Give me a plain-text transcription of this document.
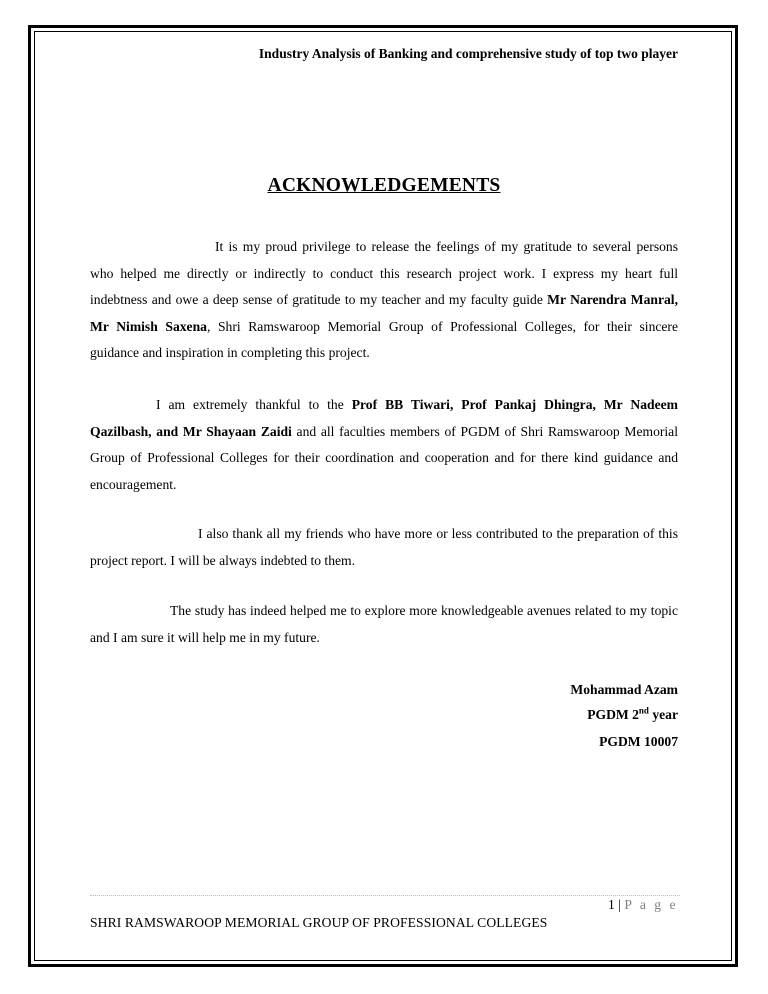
Industry Analysis of Banking and comprehensive study of top two player
ACKNOWLEDGEMENTS

It is my proud privilege to release the feelings of my gratitude to several persons who helped me directly or indirectly to conduct this research project work. I express my heart full indebtness and owe a deep sense of gratitude to my teacher and my faculty guide Mr Narendra Manral, Mr Nimish Saxena, Shri Ramswaroop Memorial Group of Professional Colleges, for their sincere guidance and inspiration in completing this project.

I am extremely thankful to the Prof BB Tiwari, Prof Pankaj Dhingra, Mr Nadeem Qazilbash, and Mr Shayaan Zaidi and all faculties members of PGDM of Shri Ramswaroop Memorial Group of Professional Colleges for their coordination and cooperation and for there kind guidance and encouragement.

I also thank all my friends who have more or less contributed to the preparation of this project report. I will be always indebted to them.

The study has indeed helped me to explore more knowledgeable avenues related to my topic and I am sure it will help me in my future.

Mohammad Azam
PGDM 2nd year
PGDM 10007
1 | P a g e
SHRI RAMSWAROOP MEMORIAL GROUP OF PROFESSIONAL COLLEGES
